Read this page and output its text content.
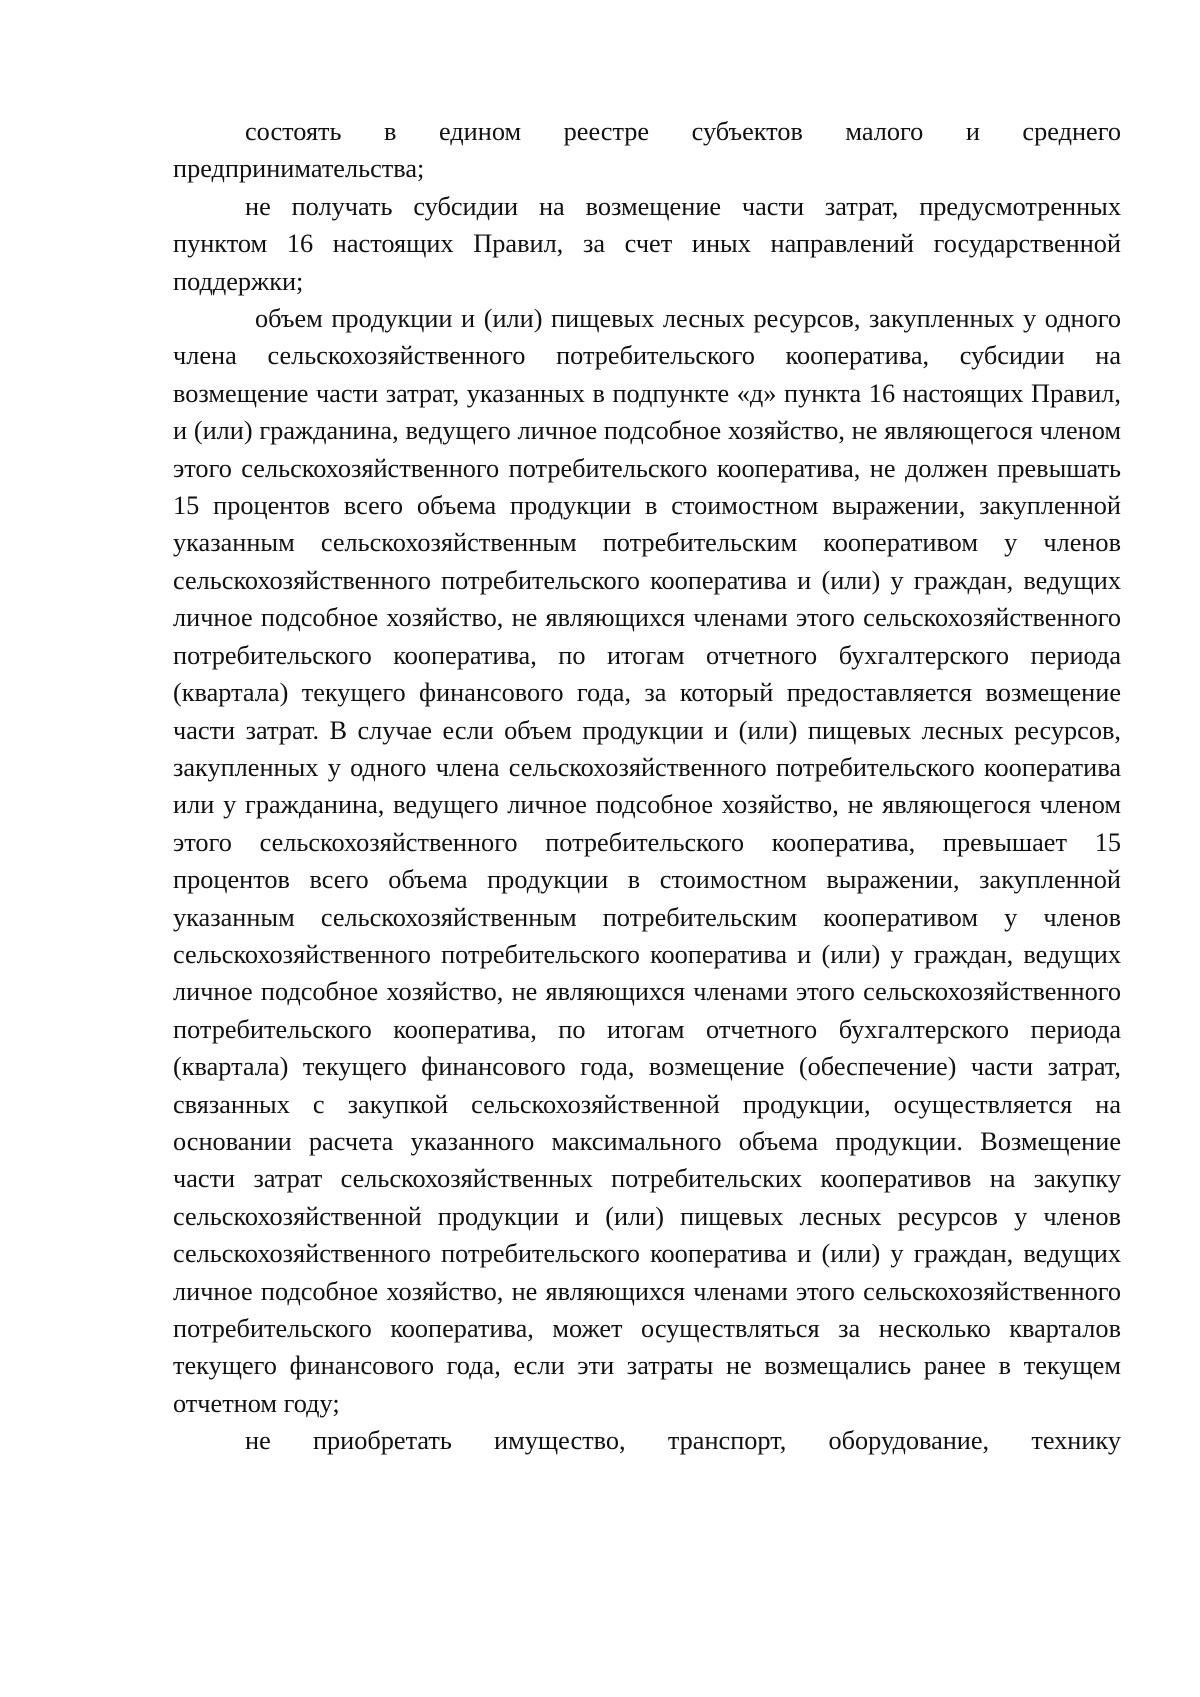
состоять в едином реестре субъектов малого и среднего предпринимательства;

не получать субсидии на возмещение части затрат, предусмотренных пунктом 16 настоящих Правил, за счет иных направлений государственной поддержки;

объем продукции и (или) пищевых лесных ресурсов, закупленных у одного члена сельскохозяйственного потребительского кооператива, субсидии на возмещение части затрат, указанных в подпункте «д» пункта 16 настоящих Правил, и (или) гражданина, ведущего личное подсобное хозяйство, не являющегося членом этого сельскохозяйственного потребительского кооператива, не должен превышать 15 процентов всего объема продукции в стоимостном выражении, закупленной указанным сельскохозяйственным потребительским кооперативом у членов сельскохозяйственного потребительского кооператива и (или) у граждан, ведущих личное подсобное хозяйство, не являющихся членами этого сельскохозяйственного потребительского кооператива, по итогам отчетного бухгалтерского периода (квартала) текущего финансового года, за который предоставляется возмещение части затрат. В случае если объем продукции и (или) пищевых лесных ресурсов, закупленных у одного члена сельскохозяйственного потребительского кооператива или у гражданина, ведущего личное подсобное хозяйство, не являющегося членом этого сельскохозяйственного потребительского кооператива, превышает 15 процентов всего объема продукции в стоимостном выражении, закупленной указанным сельскохозяйственным потребительским кооперативом у членов сельскохозяйственного потребительского кооператива и (или) у граждан, ведущих личное подсобное хозяйство, не являющихся членами этого сельскохозяйственного потребительского кооператива, по итогам отчетного бухгалтерского периода (квартала) текущего финансового года, возмещение (обеспечение) части затрат, связанных с закупкой сельскохозяйственной продукции, осуществляется на основании расчета указанного максимального объема продукции. Возмещение части затрат сельскохозяйственных потребительских кооперативов на закупку сельскохозяйственной продукции и (или) пищевых лесных ресурсов у членов сельскохозяйственного потребительского кооператива и (или) у граждан, ведущих личное подсобное хозяйство, не являющихся членами этого сельскохозяйственного потребительского кооператива, может осуществляться за несколько кварталов текущего финансового года, если эти затраты не возмещались ранее в текущем отчетном году;

не приобретать имущество, транспорт, оборудование, технику
